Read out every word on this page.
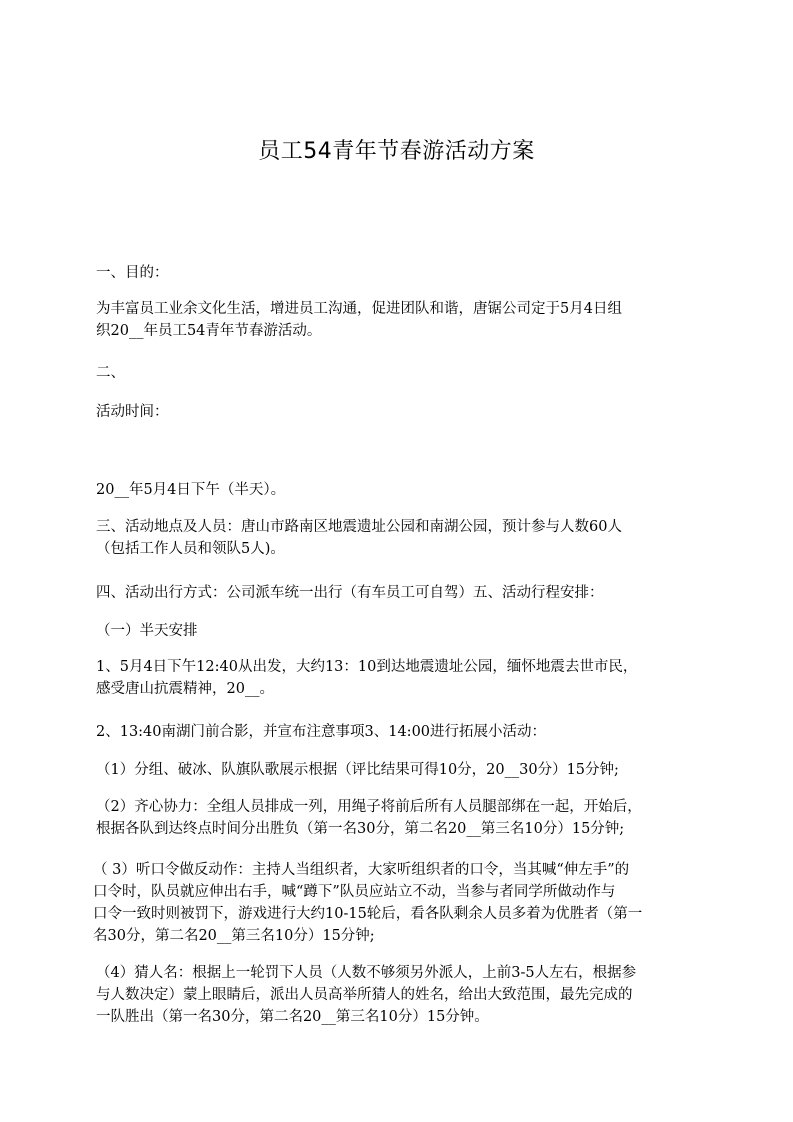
员工54青年节春游活动方案
一、目的：
为丰富员工业余文化生活，增进员工沟通，促进团队和谐，唐锯公司定于5月4日组
织20__年员工54青年节春游活动。
二、
活动时间：
20__年5月4日下午（半天）。
三、活动地点及人员：唐山市路南区地震遗址公园和南湖公园，预计参与人数60人
（包括工作人员和领队5人)。
四、活动出行方式：公司派车统一出行（有车员工可自驾）五、活动行程安排：
（一）半天安排
1、5月4日下午12:40从出发，大约13：10到达地震遗址公园，缅怀地震去世市民，
感受唐山抗震精神，20__。
2、13:40南湖门前合影，并宣布注意事项3、14:00进行拓展小活动：
（1）分组、破冰、队旗队歌展示根据（评比结果可得10分，20__30分）15分钟;
（2）齐心协力：全组人员排成一列，用绳子将前后所有人员腿部绑在一起，开始后，
根据各队到达终点时间分出胜负（第一名30分，第二名20__第三名10分）15分钟;
（ 3）听口令做反动作：主持人当组织者，大家听组织者的口令，当其喊“伸左手”的
口令时，队员就应伸出右手，喊“蹲下”队员应站立不动，当参与者同学所做动作与
口令一致时则被罚下，游戏进行大约10-15轮后，看各队剩余人员多着为优胜者（第一
名30分，第二名20__第三名10分）15分钟;
（4）猜人名：根据上一轮罚下人员（人数不够须另外派人，上前3-5人左右，根据参
与人数决定）蒙上眼睛后，派出人员高举所猜人的姓名，给出大致范围，最先完成的
一队胜出（第一名30分，第二名20__第三名10分）15分钟。
